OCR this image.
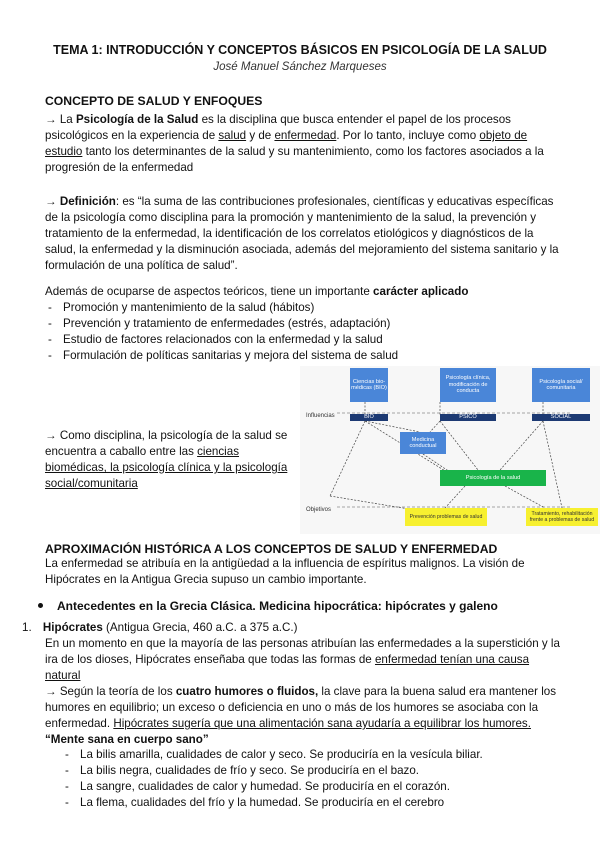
TEMA 1: INTRODUCCIÓN Y CONCEPTOS BÁSICOS EN PSICOLOGÍA DE LA SALUD
José Manuel Sánchez Marqueses
CONCEPTO DE SALUD Y ENFOQUES
→ La Psicología de la Salud es la disciplina que busca entender el papel de los procesos psicológicos en la experiencia de salud y de enfermedad. Por lo tanto, incluye como objeto de estudio tanto los determinantes de la salud y su mantenimiento, como los factores asociados a la progresión de la enfermedad
→ Definición: es “la suma de las contribuciones profesionales, científicas y educativas específicas de la psicología como disciplina para la promoción y mantenimiento de la salud, la prevención y tratamiento de la enfermedad, la identificación de los correlatos etiológicos y diagnósticos de la salud, la enfermedad y la disminución asociada, además del mejoramiento del sistema sanitario y la formulación de una política de salud”.
Además de ocuparse de aspectos teóricos, tiene un importante carácter aplicado
- Promoción y mantenimiento de la salud (hábitos)
- Prevención y tratamiento de enfermedades (estrés, adaptación)
- Estudio de factores relacionados con la enfermedad y la salud
- Formulación de políticas sanitarias y mejora del sistema de salud
→ Como disciplina, la psicología de la salud se encuentra a caballo entre las ciencias biomédicas, la psicología clínica y la psicología social/comunitaria
Ciencias bio-médicas (BIO)
Psicología clínica, modificación de conducta
Psicología social/ comunitaria
BIO	PSICO	SOCIAL
Medicina conductual
Psicología de la salud
Prevención problemas de salud	Tratamiento, rehabilitación frente a problemas de salud
Influencias
Objetivos
APROXIMACIÓN HISTÓRICA A LOS CONCEPTOS DE SALUD Y ENFERMEDAD
La enfermedad se atribuía en la antigüedad a la influencia de espíritus malignos. La visión de Hipócrates en la Antigua Grecia supuso un cambio importante.
Antecedentes en la Grecia Clásica. Medicina hipocrática: hipócrates y galeno
1. Hipócrates (Antigua Grecia, 460 a.C. a 375 a.C.)
En un momento en que la mayoría de las personas atribuían las enfermedades a la superstición y la ira de los dioses, Hipócrates enseñaba que todas las formas de enfermedad tenían una causa natural
→ Según la teoría de los cuatro humores o fluidos, la clave para la buena salud era mantener los humores en equilibrio; un exceso o deficiencia en uno o más de los humores se asociaba con la enfermedad. Hipócrates sugería que una alimentación sana ayudaría a equilibrar los humores. “Mente sana en cuerpo sano”
- La bilis amarilla, cualidades de calor y seco. Se produciría en la vesícula biliar.
- La bilis negra, cualidades de frío y seco. Se produciría en el bazo.
- La sangre, cualidades de calor y humedad. Se produciría en el corazón.
- La flema, cualidades del frío y la humedad. Se produciría en el cerebro
